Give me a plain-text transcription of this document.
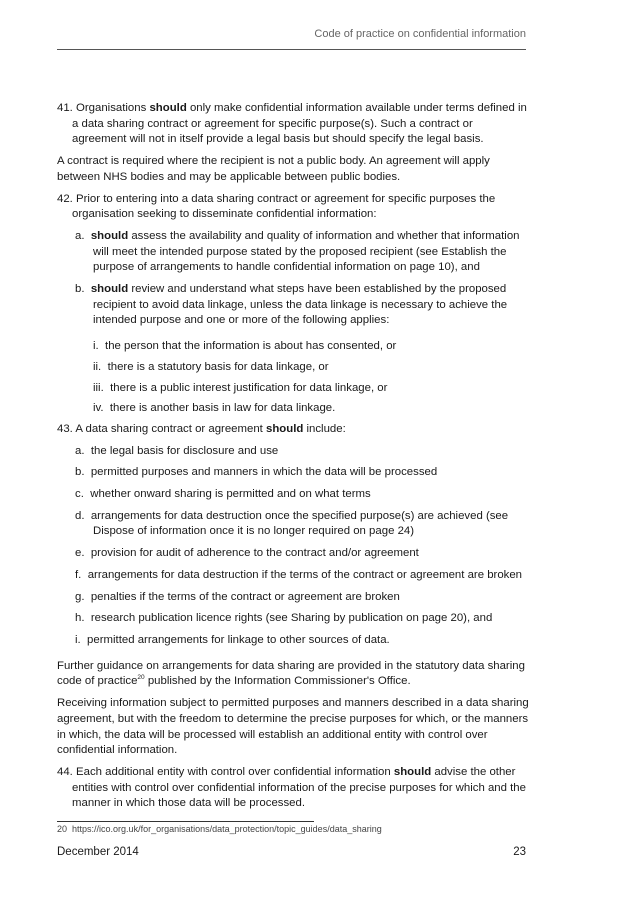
Code of practice on confidential information

41. Organisations should only make confidential information available under terms defined in a data sharing contract or agreement for specific purpose(s). Such a contract or agreement will not in itself provide a legal basis but should specify the legal basis.

A contract is required where the recipient is not a public body. An agreement will apply between NHS bodies and may be applicable between public bodies.

42. Prior to entering into a data sharing contract or agreement for specific purposes the organisation seeking to disseminate confidential information:

a. should assess the availability and quality of information and whether that information will meet the intended purpose stated by the proposed recipient (see Establish the purpose of arrangements to handle confidential information on page 10), and

b. should review and understand what steps have been established by the proposed recipient to avoid data linkage, unless the data linkage is necessary to achieve the intended purpose and one or more of the following applies:

i. the person that the information is about has consented, or

ii. there is a statutory basis for data linkage, or

iii. there is a public interest justification for data linkage, or

iv. there is another basis in law for data linkage.

43. A data sharing contract or agreement should include:

a. the legal basis for disclosure and use

b. permitted purposes and manners in which the data will be processed

c. whether onward sharing is permitted and on what terms

d. arrangements for data destruction once the specified purpose(s) are achieved (see Dispose of information once it is no longer required on page 24)

e. provision for audit of adherence to the contract and/or agreement

f. arrangements for data destruction if the terms of the contract or agreement are broken

g. penalties if the terms of the contract or agreement are broken

h. research publication licence rights (see Sharing by publication on page 20), and

i. permitted arrangements for linkage to other sources of data.

Further guidance on arrangements for data sharing are provided in the statutory data sharing code of practice$^{20}$ published by the Information Commissioner's Office.

Receiving information subject to permitted purposes and manners described in a data sharing agreement, but with the freedom to determine the precise purposes for which, or the manners in which, the data will be processed will establish an additional entity with control over confidential information.

44. Each additional entity with control over confidential information should advise the other entities with control over confidential information of the precise purposes for which and the manner in which those data will be processed.

20 https://ico.org.uk/for_organisations/data_protection/topic_guides/data_sharing
December 2014	23
